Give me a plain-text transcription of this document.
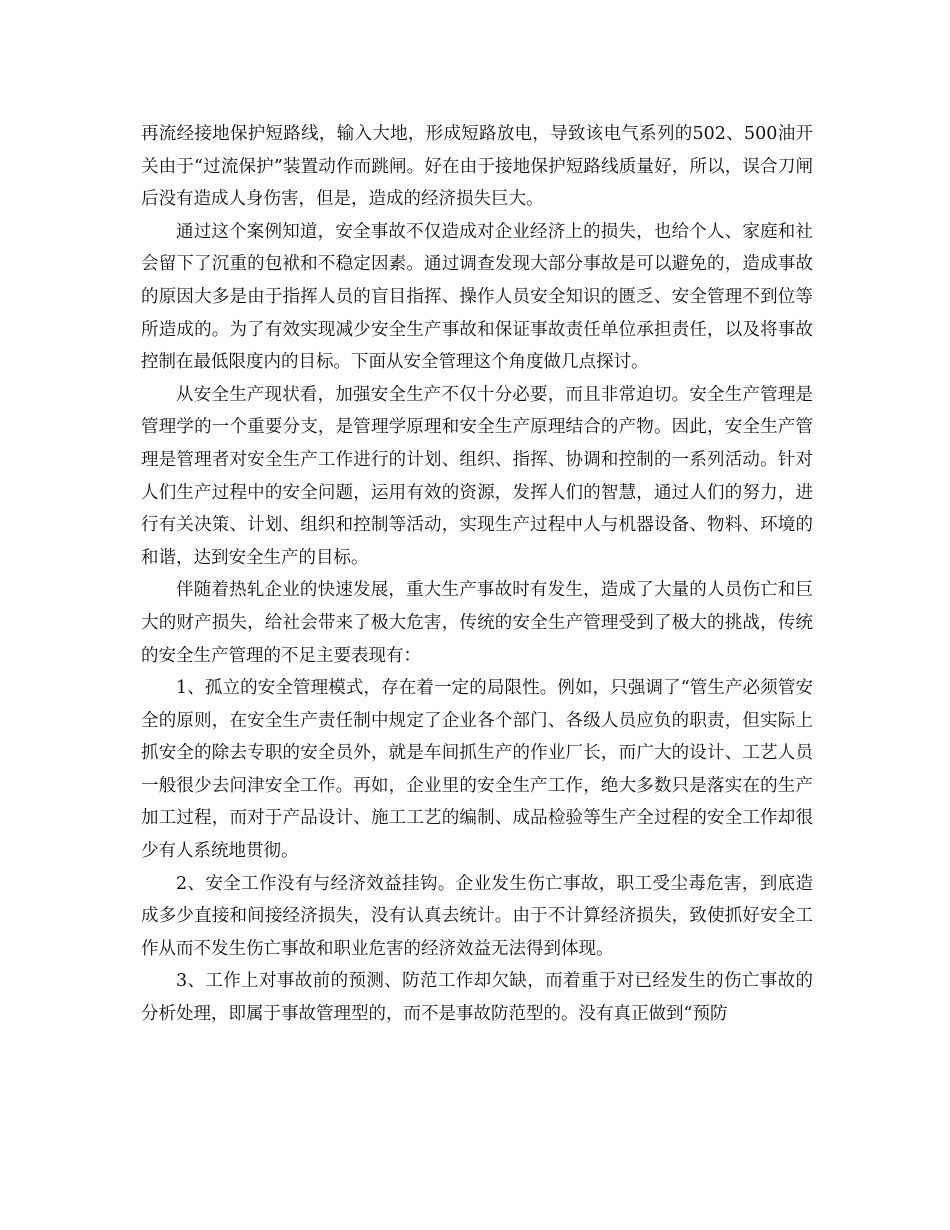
再流经接地保护短路线，输入大地，形成短路放电，导致该电气系列的502、500油开关由于“过流保护”装置动作而跳闸。好在由于接地保护短路线质量好，所以，误合刀闸后没有造成人身伤害，但是，造成的经济损失巨大。

通过这个案例知道，安全事故不仅造成对企业经济上的损失，也给个人、家庭和社会留下了沉重的包袱和不稳定因素。通过调查发现大部分事故是可以避免的，造成事故的原因大多是由于指挥人员的盲目指挥、操作人员安全知识的匮乏、安全管理不到位等所造成的。为了有效实现减少安全生产事故和保证事故责任单位承担责任，以及将事故控制在最低限度内的目标。下面从安全管理这个角度做几点探讨。

从安全生产现状看，加强安全生产不仅十分必要，而且非常迫切。安全生产管理是管理学的一个重要分支，是管理学原理和安全生产原理结合的产物。因此，安全生产管理是管理者对安全生产工作进行的计划、组织、指挥、协调和控制的一系列活动。针对人们生产过程中的安全问题，运用有效的资源，发挥人们的智慧，通过人们的努力，进行有关决策、计划、组织和控制等活动，实现生产过程中人与机器设备、物料、环境的和谐，达到安全生产的目标。

伴随着热轧企业的快速发展，重大生产事故时有发生，造成了大量的人员伤亡和巨大的财产损失，给社会带来了极大危害，传统的安全生产管理受到了极大的挑战，传统的安全生产管理的不足主要表现有：

1、孤立的安全管理模式，存在着一定的局限性。例如，只强调了“管生产必须管安全的原则，在安全生产责任制中规定了企业各个部门、各级人员应负的职责，但实际上抓安全的除去专职的安全员外，就是车间抓生产的作业厂长，而广大的设计、工艺人员一般很少去问津安全工作。再如，企业里的安全生产工作，绝大多数只是落实在的生产加工过程，而对于产品设计、施工工艺的编制、成品检验等生产全过程的安全工作却很少有人系统地贯彻。

2、安全工作没有与经济效益挂钩。企业发生伤亡事故，职工受尘毒危害，到底造成多少直接和间接经济损失，没有认真去统计。由于不计算经济损失，致使抓好安全工作从而不发生伤亡事故和职业危害的经济效益无法得到体现。

3、工作上对事故前的预测、防范工作却欠缺，而着重于对已经发生的伤亡事故的分析处理，即属于事故管理型的，而不是事故防范型的。没有真正做到“预防
